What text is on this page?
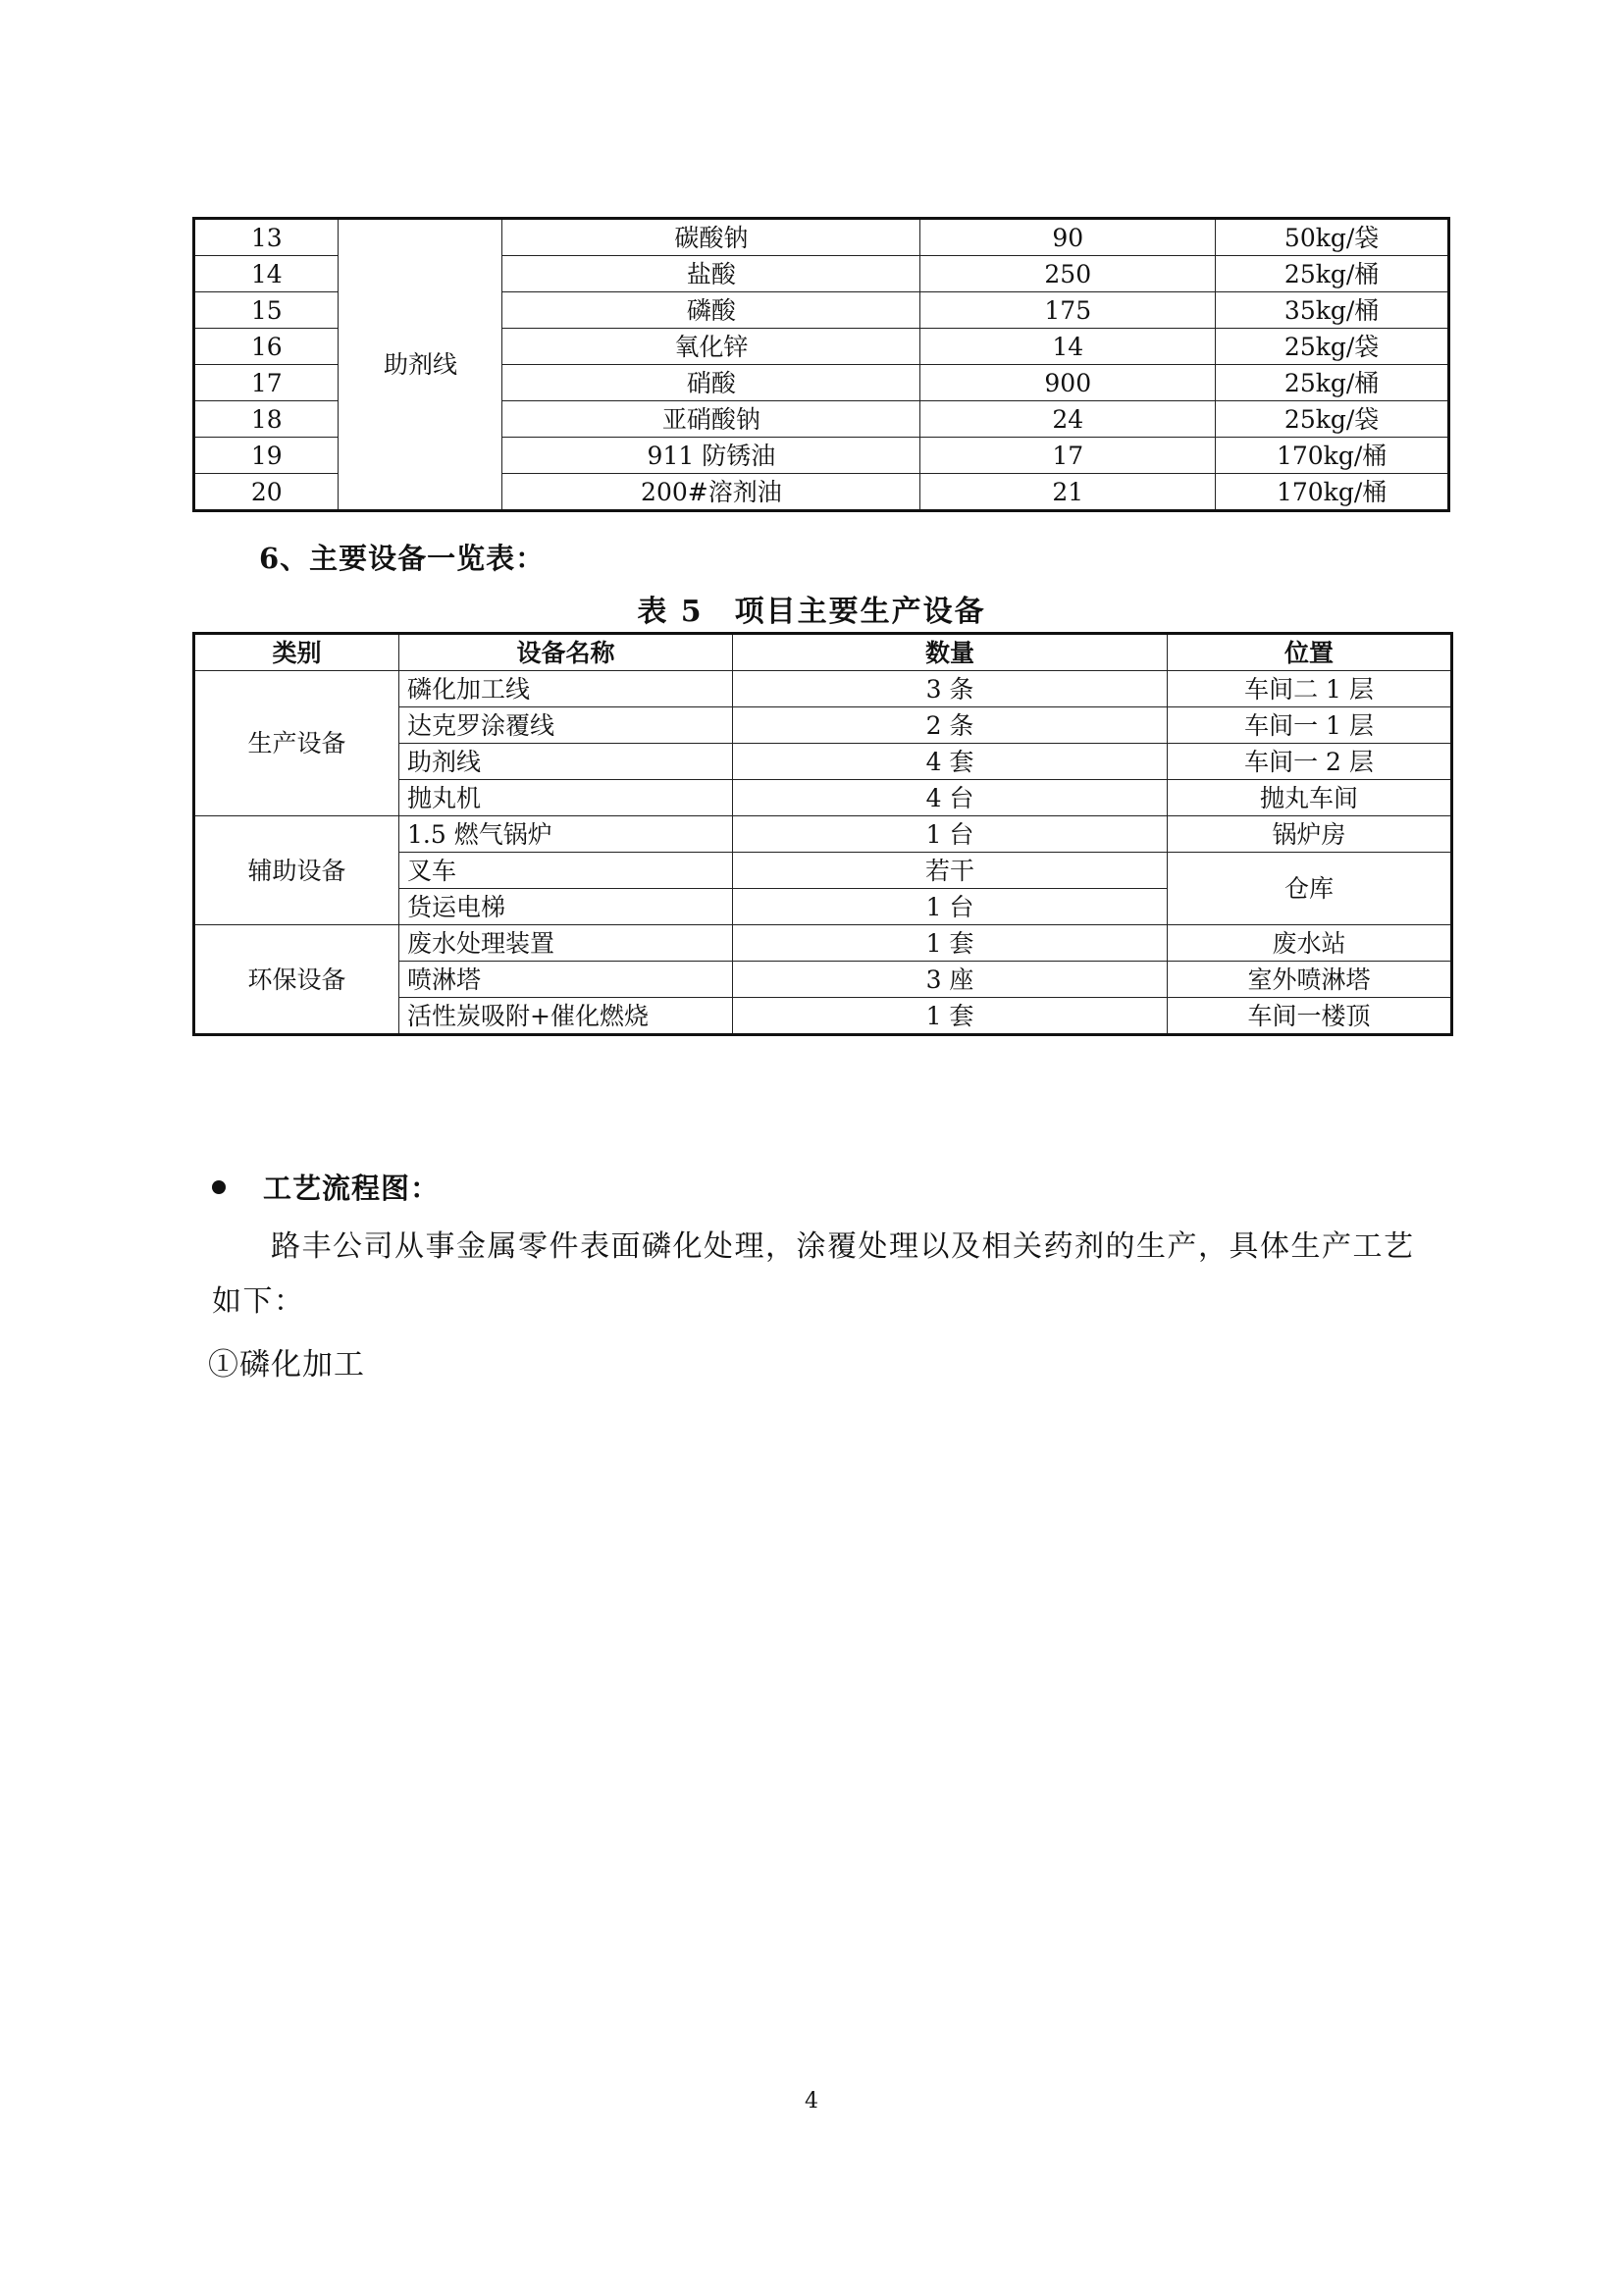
13	助剂线	碳酸钠	90	50kg/袋
14		盐酸	250	25kg/桶
15		磷酸	175	35kg/桶
16		氧化锌	14	25kg/袋
17		硝酸	900	25kg/桶
18		亚硝酸钠	24	25kg/袋
19		911 防锈油	17	170kg/桶
20		200#溶剂油	21	170kg/桶
6、主要设备一览表：
表 5　项目主要生产设备
类别	设备名称	数量	位置
生产设备	磷化加工线	3 条	车间二 1 层
	达克罗涂覆线	2 条	车间一 1 层
	助剂线	4 套	车间一 2 层
	抛丸机	4 台	抛丸车间
辅助设备	1.5 燃气锅炉	1 台	锅炉房
	叉车	若干	仓库
	货运电梯	1 台	
环保设备	废水处理装置	1 套	废水站
	喷淋塔	3 座	室外喷淋塔
	活性炭吸附+催化燃烧	1 套	车间一楼顶
工艺流程图：
路丰公司从事金属零件表面磷化处理，涂覆处理以及相关药剂的生产，具体生产工艺如下：
①磷化加工
4
